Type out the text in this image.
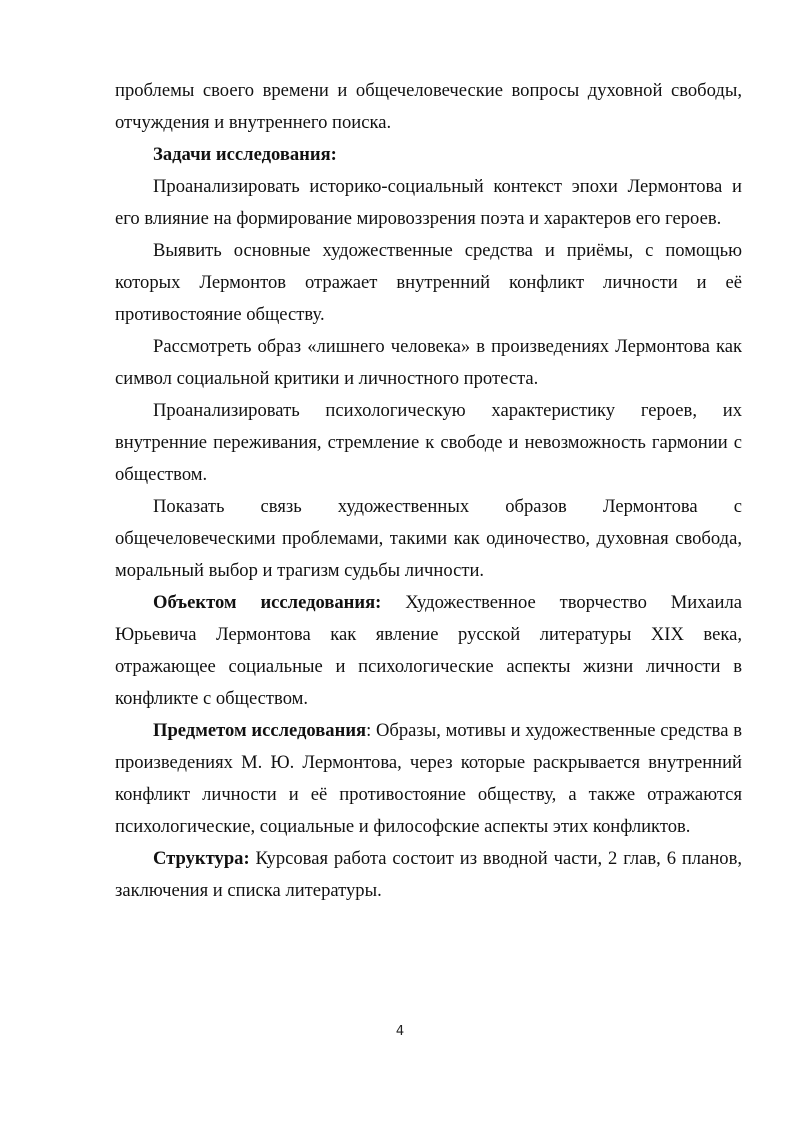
проблемы своего времени и общечеловеческие вопросы духовной свободы, отчуждения и внутреннего поиска.

Задачи исследования:

Проанализировать историко-социальный контекст эпохи Лермонтова и его влияние на формирование мировоззрения поэта и характеров его героев.

Выявить основные художественные средства и приёмы, с помощью которых Лермонтов отражает внутренний конфликт личности и её противостояние обществу.

Рассмотреть образ «лишнего человека» в произведениях Лермонтова как символ социальной критики и личностного протеста.

Проанализировать психологическую характеристику героев, их внутренние переживания, стремление к свободе и невозможность гармонии с обществом.

Показать связь художественных образов Лермонтова с общечеловеческими проблемами, такими как одиночество, духовная свобода, моральный выбор и трагизм судьбы личности.

Объектом исследования: Художественное творчество Михаила Юрьевича Лермонтова как явление русской литературы XIX века, отражающее социальные и психологические аспекты жизни личности в конфликте с обществом.

Предметом исследования: Образы, мотивы и художественные средства в произведениях М. Ю. Лермонтова, через которые раскрывается внутренний конфликт личности и её противостояние обществу, а также отражаются психологические, социальные и философские аспекты этих конфликтов.

Структура: Курсовая работа состоит из вводной части, 2 глав, 6 планов, заключения и списка литературы.

4
